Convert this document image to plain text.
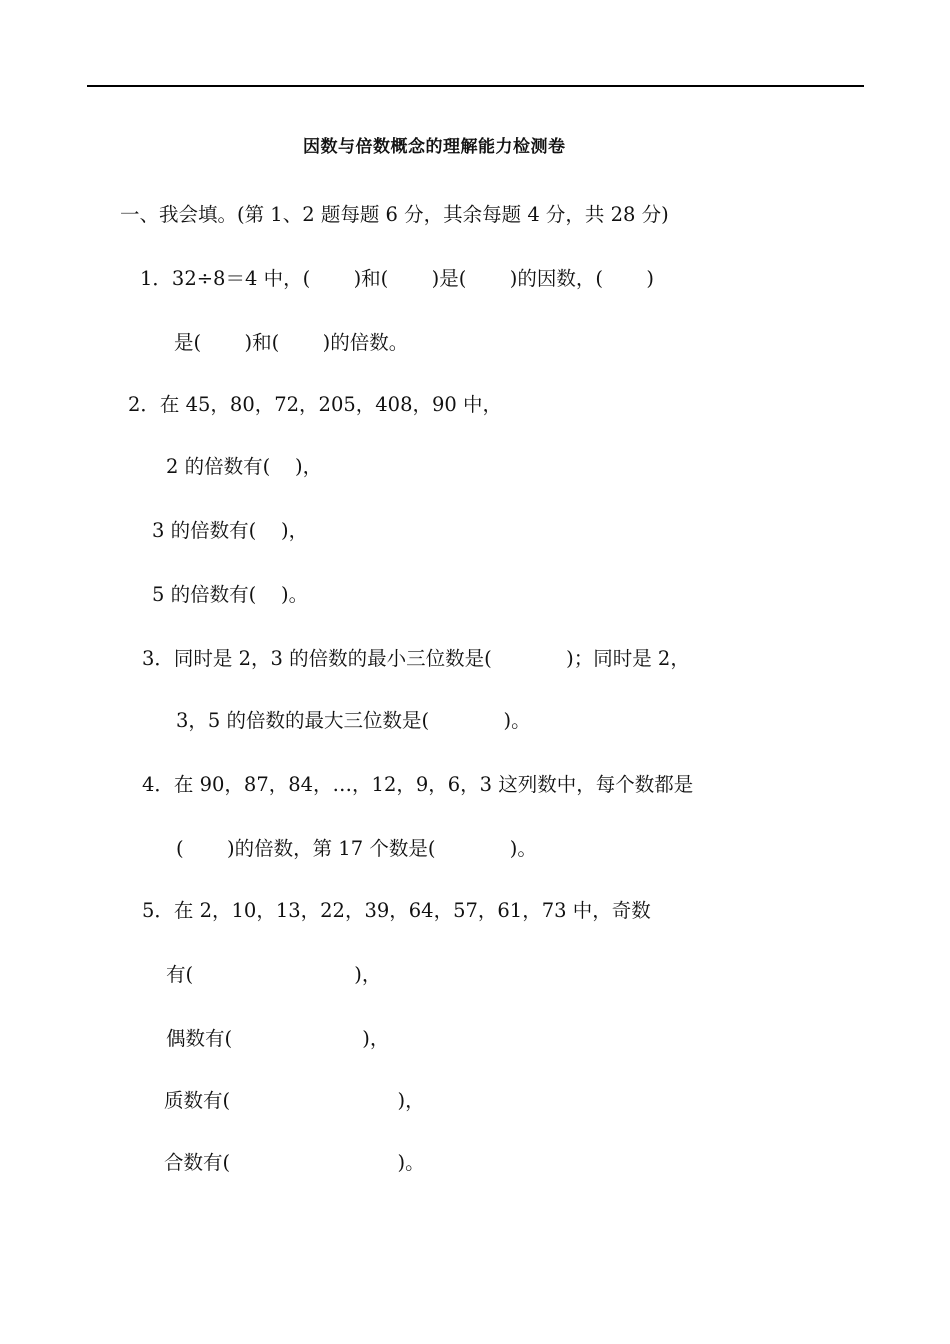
因数与倍数概念的理解能力检测卷
一、我会填。(第 1、2 题每题 6 分，其余每题 4 分，共 28 分)
1．32÷8＝4 中，(       )和(       )是(       )的因数，(       )
是(       )和(       )的倍数。
2．在 45，80，72，205，408，90 中，
2 的倍数有(    )，
3 的倍数有(    )，
5 的倍数有(    )。
3．同时是 2，3 的倍数的最小三位数是(            )；同时是 2，
3，5 的倍数的最大三位数是(            )。
4．在 90，87，84，…，12，9，6，3 这列数中，每个数都是
(       )的倍数，第 17 个数是(            )。
5．在 2，10，13，22，39，64，57，61，73 中，奇数
有(                          )，
偶数有(                     )，
质数有(                           )，
合数有(                           )。
